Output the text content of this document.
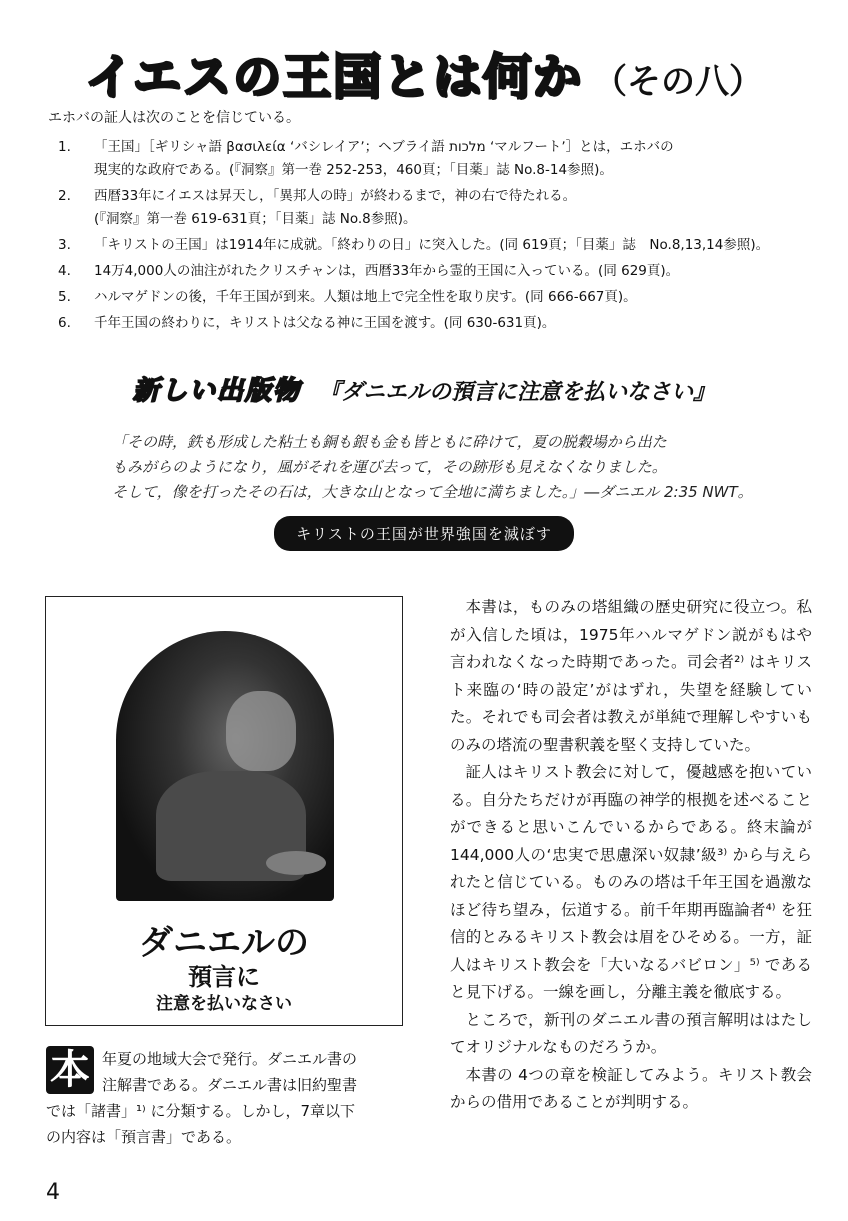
イエスの王国とは何か （その八）
エホバの証人は次のことを信じている。
1.	「王国」［ギリシャ語 βασιλεία ʻバシレイアʼ；ヘブライ語 מלכות ʻマルフートʼ］とは，エホバの
現実的な政府である。(『洞察』第一巻 252-253，460頁；「目薬」誌 No.8-14参照)。
2.	西暦33年にイエスは昇天し，「異邦人の時」が終わるまで，神の右で待たれる。
(『洞察』第一巻 619-631頁；「目薬」誌 No.8参照)。
3.	「キリストの王国」は1914年に成就。「終わりの日」に突入した。(同 619頁；「目薬」誌　No.8,13,14参照)。
4.	14万4,000人の油注がれたクリスチャンは，西暦33年から霊的王国に入っている。(同 629頁)。
5.	ハルマゲドンの後，千年王国が到来。人類は地上で完全性を取り戻す。(同 666-667頁)。
6.	千年王国の終わりに，キリストは父なる神に王国を渡す。(同 630-631頁)。
新しい出版物 『ダニエルの預言に注意を払いなさい』

「その時，鉄も形成した粘土も銅も銀も金も皆ともに砕けて，夏の脱穀場から出た

もみがらのようになり，風がそれを運び去って，その跡形も見えなくなりました。

そして，像を打ったその石は，大きな山となって全地に満ちました。」―ダニエル 2:35 NWT。

キリストの王国が世界強国を滅ぼす
ダニエルの
預言に
注意を払いなさい
年夏の地域大会で発行。ダニエル書の
注解書である。ダニエル書は旧約聖書
では「諸書」¹⁾ に分類する。しかし，7章以下
の内容は「預言書」である。
本

本書は，ものみの塔組織の歴史研究に役立つ。私が入信した頃は，1975年ハルマゲドン説がもはや言われなくなった時期であった。司会者²⁾ はキリスト来臨の‘時の設定’がはずれ，失望を経験していた。それでも司会者は教えが単純で理解しやすいものみの塔流の聖書釈義を堅く支持していた。

証人はキリスト教会に対して，優越感を抱いている。自分たちだけが再臨の神学的根拠を述べることができると思いこんでいるからである。終末論が144,000人の‘忠実で思慮深い奴隷’級³⁾ から与えられたと信じている。ものみの塔は千年王国を過激なほど待ち望み，伝道する。前千年期再臨論者⁴⁾ を狂信的とみるキリスト教会は眉をひそめる。一方，証人はキリスト教会を「大いなるバビロン」⁵⁾ であると見下げる。一線を画し，分離主義を徹底する。

ところで，新刊のダニエル書の預言解明ははたしてオリジナルなものだろうか。

本書の 4つの章を検証してみよう。キリスト教会からの借用であることが判明する。

4
